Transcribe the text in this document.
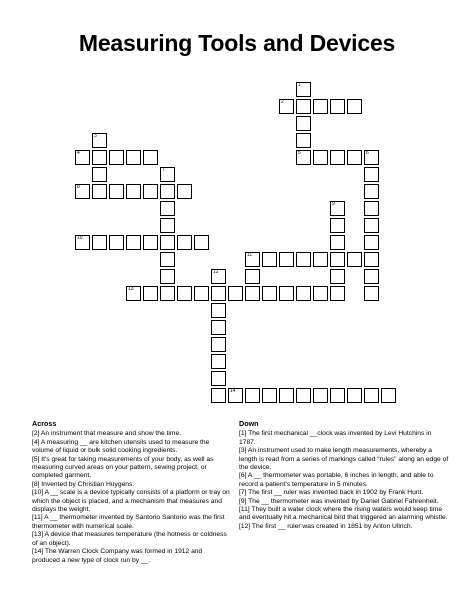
Measuring Tools and Devices
2
4	5	6
8
10
11
13
14
1
3
7
9
12
Across

[2] An instrument that measure and show the time.

[4] A measuring __ are kitchen utensils used to measure the volume of liquid or bulk solid cooking ingredients.

[5] It's great for taking measurements of your body, as well as measuring curved areas on your pattern, sewing project, or completed garment.

[8] Invented by Christian Huygens.

[10] A __ scale is a device typically consists of a platform or tray on which the object is placed, and a mechanism that measures and displays the weight.

[11] A __ thermometer invented by Santorio Santorio was the first thermometer with numerical scale.

[13] A device that measures temperature (the hotness or coldness of an object).

[14] The Warren Clock Company was formed in 1912 and produced a new type of clock run by __.

Down

[1] The first mechanical __clock was invented by Levi Hutchins in 1787.

[3] An instrument used to make length measurements, whereby a length is read from a series of markings called "rules" along an edge of the device.

[6] A __ thermometer was portable, 6 inches in length, and able to record a patient's temperature in 5 minutes.

[7] The first __ ruler was invented back in 1902 by Frank Hunt.

[9] The __ thermometer was invented by Daniel Gabriel Fahrenheit.

[11] They built a water clock where the rising waters would keep time and eventually hit a mechanical bird that triggered an alarming whistle.

[12] The first __ ruler was created in 1851 by Anton Ullrich.
